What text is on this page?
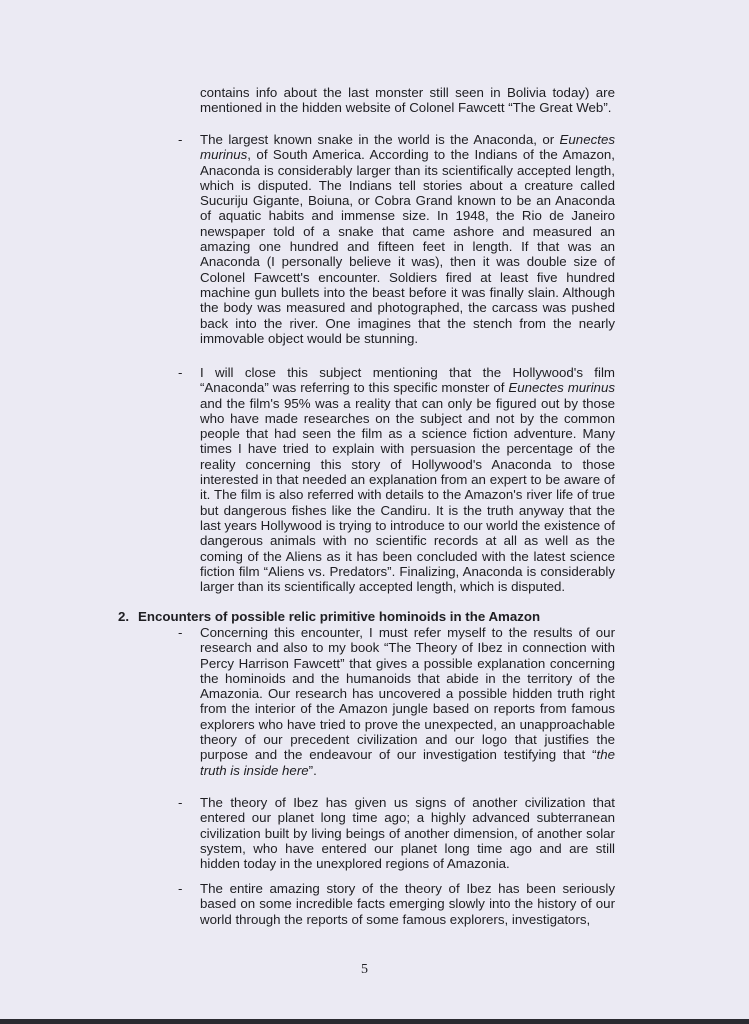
contains info about the last monster still seen in Bolivia today) are mentioned in the hidden website of Colonel Fawcett “The Great Web”.

- The largest known snake in the world is the Anaconda, or Eunectes murinus, of South America. According to the Indians of the Amazon, Anaconda is considerably larger than its scientifically accepted length, which is disputed. The Indians tell stories about a creature called Sucuriju Gigante, Boiuna, or Cobra Grand known to be an Anaconda of aquatic habits and immense size. In 1948, the Rio de Janeiro newspaper told of a snake that came ashore and measured an amazing one hundred and fifteen feet in length. If that was an Anaconda (I personally believe it was), then it was double size of Colonel Fawcett's encounter. Soldiers fired at least five hundred machine gun bullets into the beast before it was finally slain. Although the body was measured and photographed, the carcass was pushed back into the river. One imagines that the stench from the nearly immovable object would be stunning.

- I will close this subject mentioning that the Hollywood's film “Anaconda” was referring to this specific monster of Eunectes murinus and the film's 95% was a reality that can only be figured out by those who have made researches on the subject and not by the common people that had seen the film as a science fiction adventure. Many times I have tried to explain with persuasion the percentage of the reality concerning this story of Hollywood's Anaconda to those interested in that needed an explanation from an expert to be aware of it. The film is also referred with details to the Amazon's river life of true but dangerous fishes like the Candiru. It is the truth anyway that the last years Hollywood is trying to introduce to our world the existence of dangerous animals with no scientific records at all as well as the coming of the Aliens as it has been concluded with the latest science fiction film “Aliens vs. Predators”. Finalizing, Anaconda is considerably larger than its scientifically accepted length, which is disputed.

2. Encounters of possible relic primitive hominoids in the Amazon

- Concerning this encounter, I must refer myself to the results of our research and also to my book “The Theory of Ibez in connection with Percy Harrison Fawcett” that gives a possible explanation concerning the hominoids and the humanoids that abide in the territory of the Amazonia. Our research has uncovered a possible hidden truth right from the interior of the Amazon jungle based on reports from famous explorers who have tried to prove the unexpected, an unapproachable theory of our precedent civilization and our logo that justifies the purpose and the endeavour of our investigation testifying that “the truth is inside here”.

- The theory of Ibez has given us signs of another civilization that entered our planet long time ago; a highly advanced subterranean civilization built by living beings of another dimension, of another solar system, who have entered our planet long time ago and are still hidden today in the unexplored regions of Amazonia.

- The entire amazing story of the theory of Ibez has been seriously based on some incredible facts emerging slowly into the history of our world through the reports of some famous explorers, investigators,

5
